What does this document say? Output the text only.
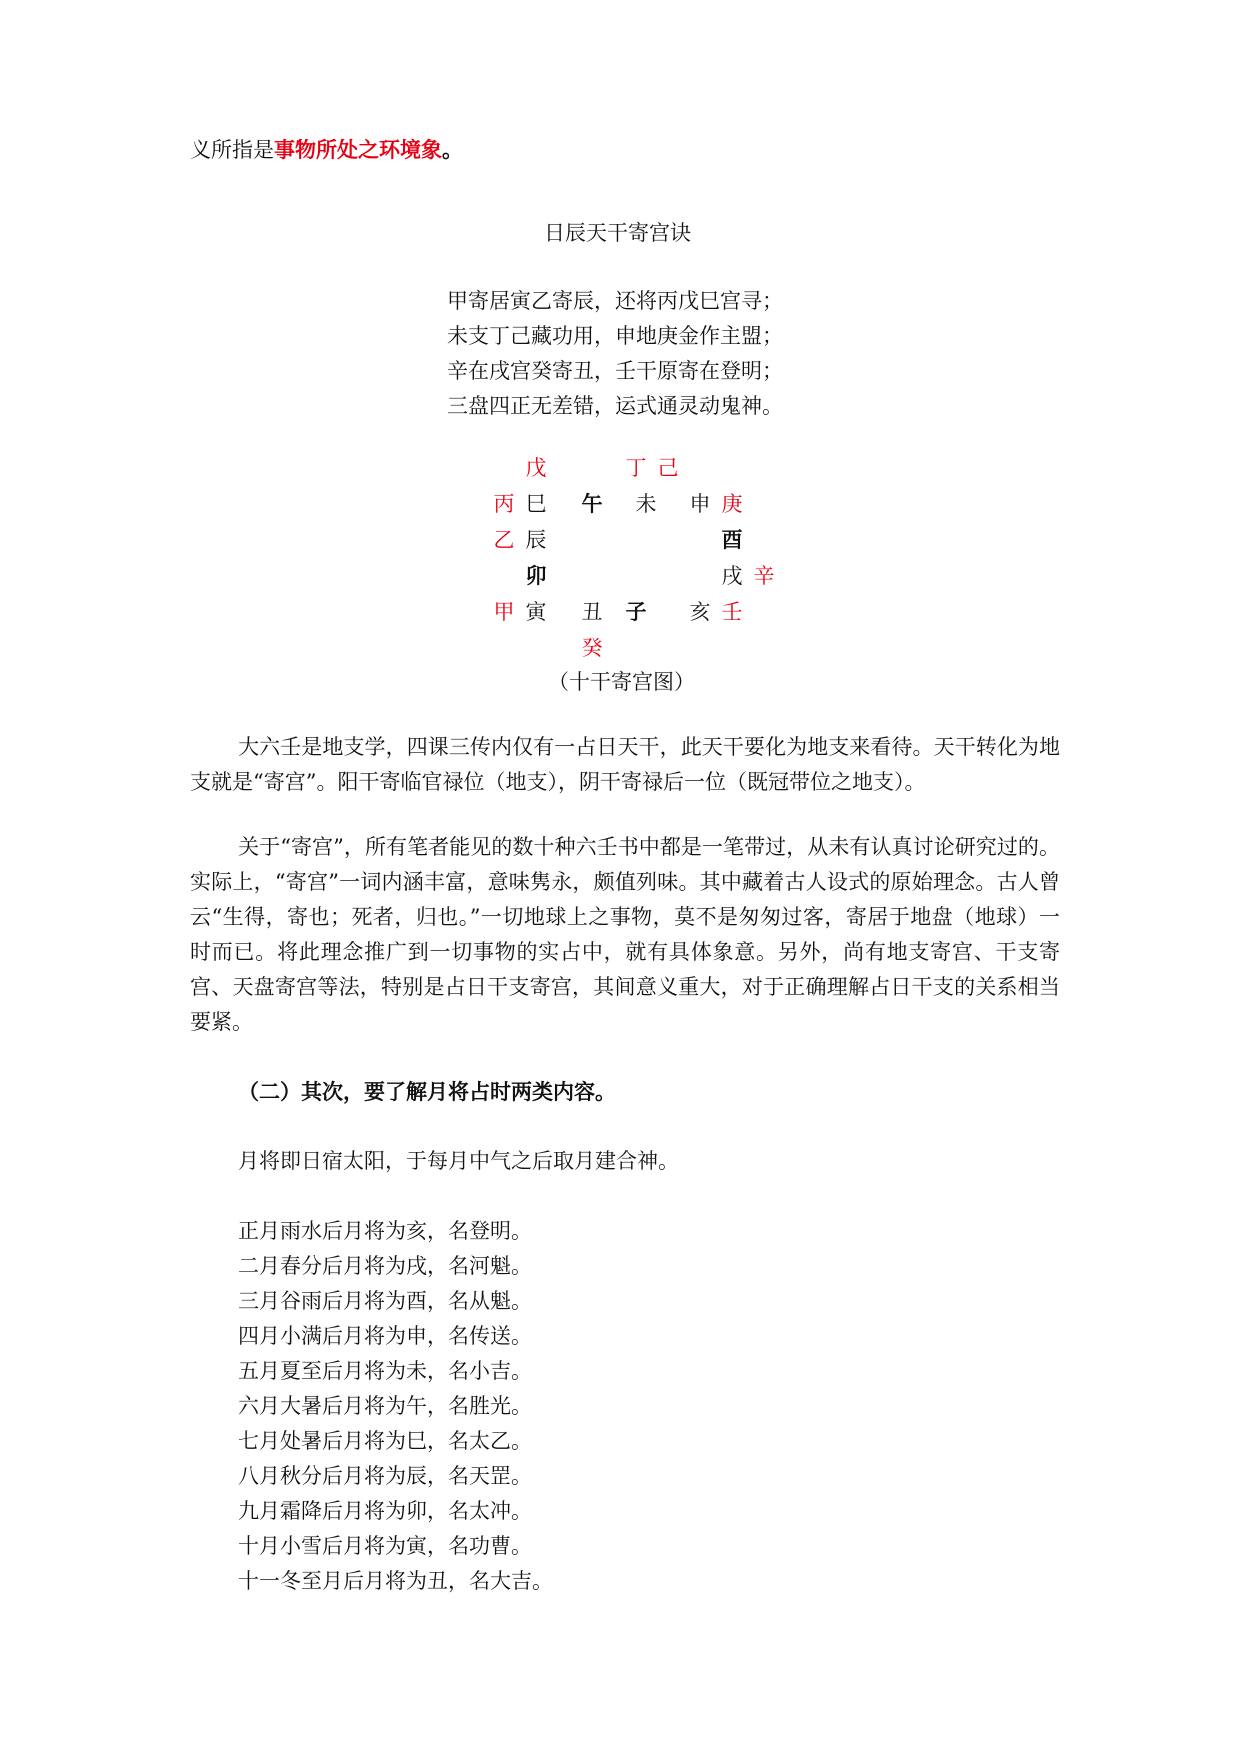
义所指是事物所处之环境象。
日辰天干寄宫诀
甲寄居寅乙寄辰，还将丙戊巳宫寻；
未支丁己藏功用，申地庚金作主盟；
辛在戌宫癸寄丑，壬干原寄在登明；
三盘四正无差错，运式通灵动鬼神。
戊	丁 己
丙 巳 午 未 申 庚
乙 辰	酉
卯	戌 辛
甲 寅 丑 子 亥 壬
癸
（十干寄宫图）
大六壬是地支学，四课三传内仅有一占日天干，此天干要化为地支来看待。天干转化为地支就是“寄宫”。阳干寄临官禄位（地支），阴干寄禄后一位（既冠带位之地支）。
关于“寄宫”，所有笔者能见的数十种六壬书中都是一笔带过，从未有认真讨论研究过的。实际上，“寄宫”一词内涵丰富，意味隽永，颇值列味。其中藏着古人设式的原始理念。古人曾云“生得，寄也；死者，归也。”一切地球上之事物，莫不是匆匆过客，寄居于地盘（地球）一时而已。将此理念推广到一切事物的实占中，就有具体象意。另外，尚有地支寄宫、干支寄宫、天盘寄宫等法，特别是占日干支寄宫，其间意义重大，对于正确理解占日干支的关系相当要紧。
（二）其次，要了解月将占时两类内容。
月将即日宿太阳，于每月中气之后取月建合神。
正月雨水后月将为亥，名登明。
二月春分后月将为戌，名河魁。
三月谷雨后月将为酉，名从魁。
四月小满后月将为申，名传送。
五月夏至后月将为未，名小吉。
六月大暑后月将为午，名胜光。
七月处暑后月将为巳，名太乙。
八月秋分后月将为辰，名天罡。
九月霜降后月将为卯，名太冲。
十月小雪后月将为寅，名功曹。
十一冬至月后月将为丑，名大吉。
